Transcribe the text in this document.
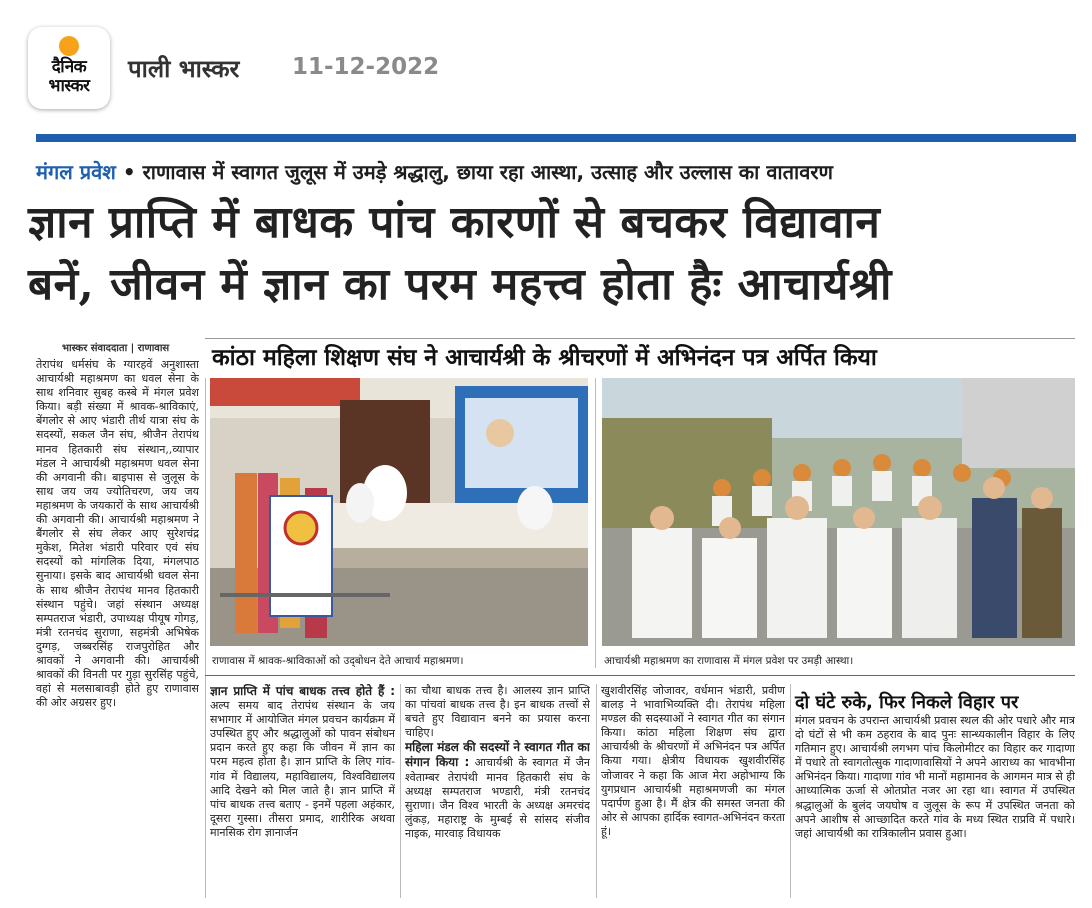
दैनिक
भास्कर
पाली भास्कर 11-12-2022
मंगल प्रवेश • राणावास में स्वागत जुलूस में उमड़े श्रद्धालु, छाया रहा आस्था, उत्साह और उल्लास का वातावरण
ज्ञान प्राप्ति में बाधक पांच कारणों से बचकर विद्यावान
बनें, जीवन में ज्ञान का परम महत्त्व होता हैः आचार्यश्री
भास्कर संवाददाता | राणावास कांठा महिला शिक्षण संघ ने आचार्यश्री के श्रीचरणों में अभिनंदन पत्र अर्पित किया
तेरापंथ धर्मसंघ के ग्यारहवें अनुशास्ता आचार्यश्री महाश्रमण का धवल सेना के साथ शनिवार सुबह कस्बे में मंगल प्रवेश किया। बड़ी संख्या में श्रावक-श्राविकाएं, बेंगलोर से आए भंडारी तीर्थ यात्रा संघ के सदस्यों, सकल जैन संघ, श्रीजैन तेरापंथ मानव हितकारी संघ संस्थान,,व्यापार मंडल ने आचार्यश्री महाश्रमण धवल सेना की अगवानी की। बाइपास से जुलूस के साथ जय जय ज्योतिचरण, जय जय महाश्रमण के जयकारों के साथ आचार्यश्री की अगवानी की। आचार्यश्री महाश्रमण ने बैंगलोर से संघ लेकर आए सुरेशचंद्र मुकेश, मितेश भंडारी परिवार एवं संघ सदस्यों को मांगलिक दिया, मंगलपाठ सुनाया। इसके बाद आचार्यश्री धवल सेना के साथ श्रीजैन तेरापंथ मानव हितकारी संस्थान पहुंचे। जहां संस्थान अध्यक्ष सम्पतराज भंडारी, उपाध्यक्ष पीयूष गोगड़, मंत्री रतनचंद सुराणा, सहमंत्री अभिषेक दुग्गड़, जब्बरसिंह राजपुरोहित और श्रावकों ने अगवानी की। आचार्यश्री श्रावकों की विनती पर गुड़ा सुरसिंह पहुंचे, वहां से मलसाबावड़ी होते हुए राणावास की ओर अग्रसर हुए।
राणावास में श्रावक-श्राविकाओं को उद्‌बोधन देते आचार्य महाश्रमण।	आचार्यश्री महाश्रमण का राणावास में मंगल प्रवेश पर उमड़ी आस्था।
ज्ञान प्राप्ति में पांच बाधक तत्त्व होते हैं : अल्प समय बाद तेरापंथ संस्थान के जय सभागार में आयोजित मंगल प्रवचन कार्यक्रम में उपस्थित हुए और श्रद्धालुओं को पावन संबोधन प्रदान करते हुए कहा कि जीवन में ज्ञान का परम महत्व होता है। ज्ञान प्राप्ति के लिए गांव-गांव में विद्यालय, महाविद्यालय, विश्वविद्यालय आदि देखने को मिल जाते है। ज्ञान प्राप्ति में पांच बाधक तत्त्व बताए - इनमें पहला अहंकार, दूसरा गुस्सा। तीसरा प्रमाद, शारीरिक अथवा मानसिक रोग ज्ञानार्जन
का चौथा बाधक तत्त्व है। आलस्य ज्ञान प्राप्ति का पांचवां बाधक तत्त्व है। इन बाधक तत्त्वों से बचते हुए विद्यावान बनने का प्रयास करना चाहिए।
महिला मंडल की सदस्यों ने स्वागत गीत का संगान किया : आचार्यश्री के स्वागत में जैन श्वेताम्बर तेरापंथी मानव हितकारी संघ के अध्यक्ष सम्पतराज भण्डारी, मंत्री रतनचंद सुराणा। जैन विश्व भारती के अध्यक्ष अमरचंद लुंकड़, महाराष्ट्र के मुम्बई से सांसद संजीव नाइक, मारवाड़ विधायक
खुशवीरसिंह जोजावर, वर्धमान भंडारी, प्रवीण बालड़ ने भावाभिव्यक्ति दी। तेरापंथ महिला मण्डल की सदस्याओं ने स्वागत गीत का संगान किया। कांठा महिला शिक्षण संघ द्वारा आचार्यश्री के श्रीचरणों में अभिनंदन पत्र अर्पित किया गया। क्षेत्रीय विधायक खुशवीरसिंह जोजावर ने कहा कि आज मेरा अहोभाग्य कि युगप्रधान आचार्यश्री महाश्रमणजी का मंगल पदार्पण हुआ है। मैं क्षेत्र की समस्त जनता की ओर से आपका हार्दिक स्वागत-अभिनंदन करता हूं।
दो घंटे रुके, फिर निकले विहार पर
मंगल प्रवचन के उपरान्त आचार्यश्री प्रवास स्थल की ओर पधारे और मात्र दो घंटों से भी कम ठहराव के बाद पुनः सान्ध्यकालीन विहार के लिए गतिमान हुए। आचार्यश्री लगभग पांच किलोमीटर का विहार कर गादाणा में पधारे तो स्वागतोत्सुक गादाणावासियों ने अपने आराध्य का भावभीना अभिनंदन किया। गादाणा गांव भी मानों महामानव के आगमन मात्र से ही आध्यात्मिक ऊर्जा से ओतप्रोत नजर आ रहा था। स्वागत में उपस्थित श्रद्धालुओं के बुलंद जयघोष व जुलूस के रूप में उपस्थित जनता को अपने आशीष से आच्छादित करते गांव के मध्य स्थित राप्रवि में पधारे। जहां आचार्यश्री का रात्रिकालीन प्रवास हुआ।
